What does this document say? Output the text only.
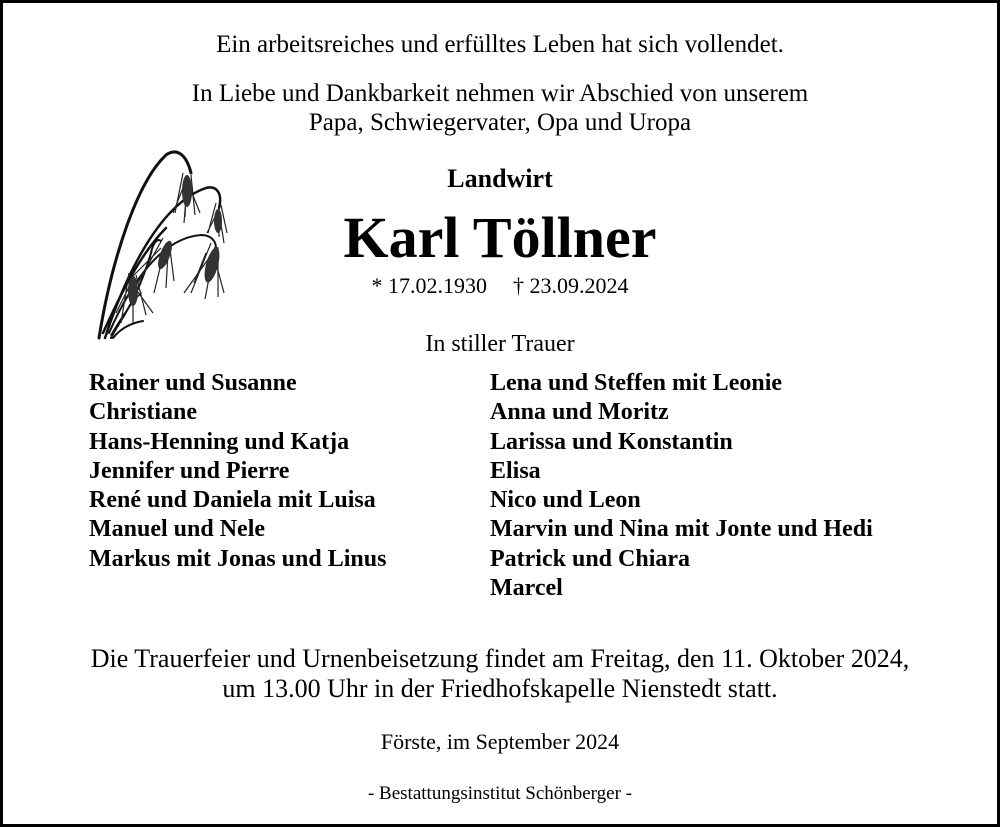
Ein arbeitsreiches und erfülltes Leben hat sich vollendet.
In Liebe und Dankbarkeit nehmen wir Abschied von unserem
Papa, Schwiegervater, Opa und Uropa
Landwirt
Karl Töllner
* 17.02.1930 † 23.09.2024
In stiller Trauer
Rainer und Susanne
Christiane
Hans-Henning und Katja
Jennifer und Pierre
René und Daniela mit Luisa
Manuel und Nele
Markus mit Jonas und Linus
Lena und Steffen mit Leonie
Anna und Moritz
Larissa und Konstantin
Elisa
Nico und Leon
Marvin und Nina mit Jonte und Hedi
Patrick und Chiara
Marcel
Die Trauerfeier und Urnenbeisetzung findet am Freitag, den 11. Oktober 2024,
um 13.00 Uhr in der Friedhofskapelle Nienstedt statt.
Förste, im September 2024
- Bestattungsinstitut Schönberger -
